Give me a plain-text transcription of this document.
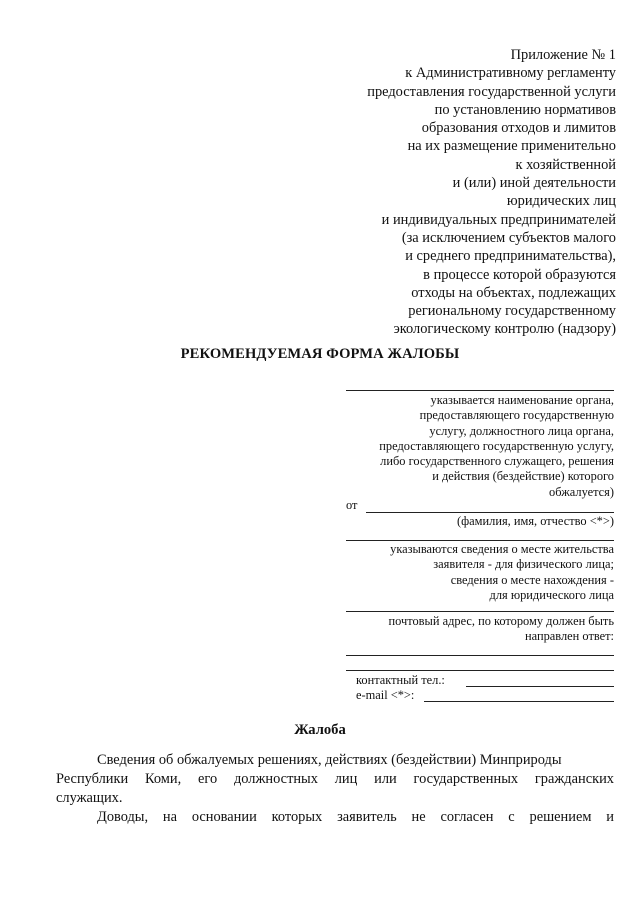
Приложение № 1
к Административному регламенту
предоставления государственной услуги
по установлению нормативов
образования отходов и лимитов
на их размещение применительно
к хозяйственной
и (или) иной деятельности
юридических лиц
и индивидуальных предпринимателей
(за исключением субъектов малого
и среднего предпринимательства),
в процессе которой образуются
отходы на объектах, подлежащих
региональному государственному
экологическому контролю (надзору)
РЕКОМЕНДУЕМАЯ ФОРМА ЖАЛОБЫ
указывается наименование органа,
предоставляющего государственную
услугу, должностного лица органа,
предоставляющего государственную услугу,
либо государственного служащего, решения
и действия (бездействие) которого
обжалуется)
от
(фамилия, имя, отчество <*>)
указываются сведения о месте жительства
заявителя - для физического лица;
сведения о месте нахождения -
для юридического лица
почтовый адрес, по которому должен быть
направлен ответ:
контактный тел.:
e-mail <*>:
Жалоба
Сведения об обжалуемых решениях, действиях (бездействии) Минприроды
Республики Коми, его должностных лиц или государственных гражданских
служащих.
Доводы, на основании которых заявитель не согласен с решением и
